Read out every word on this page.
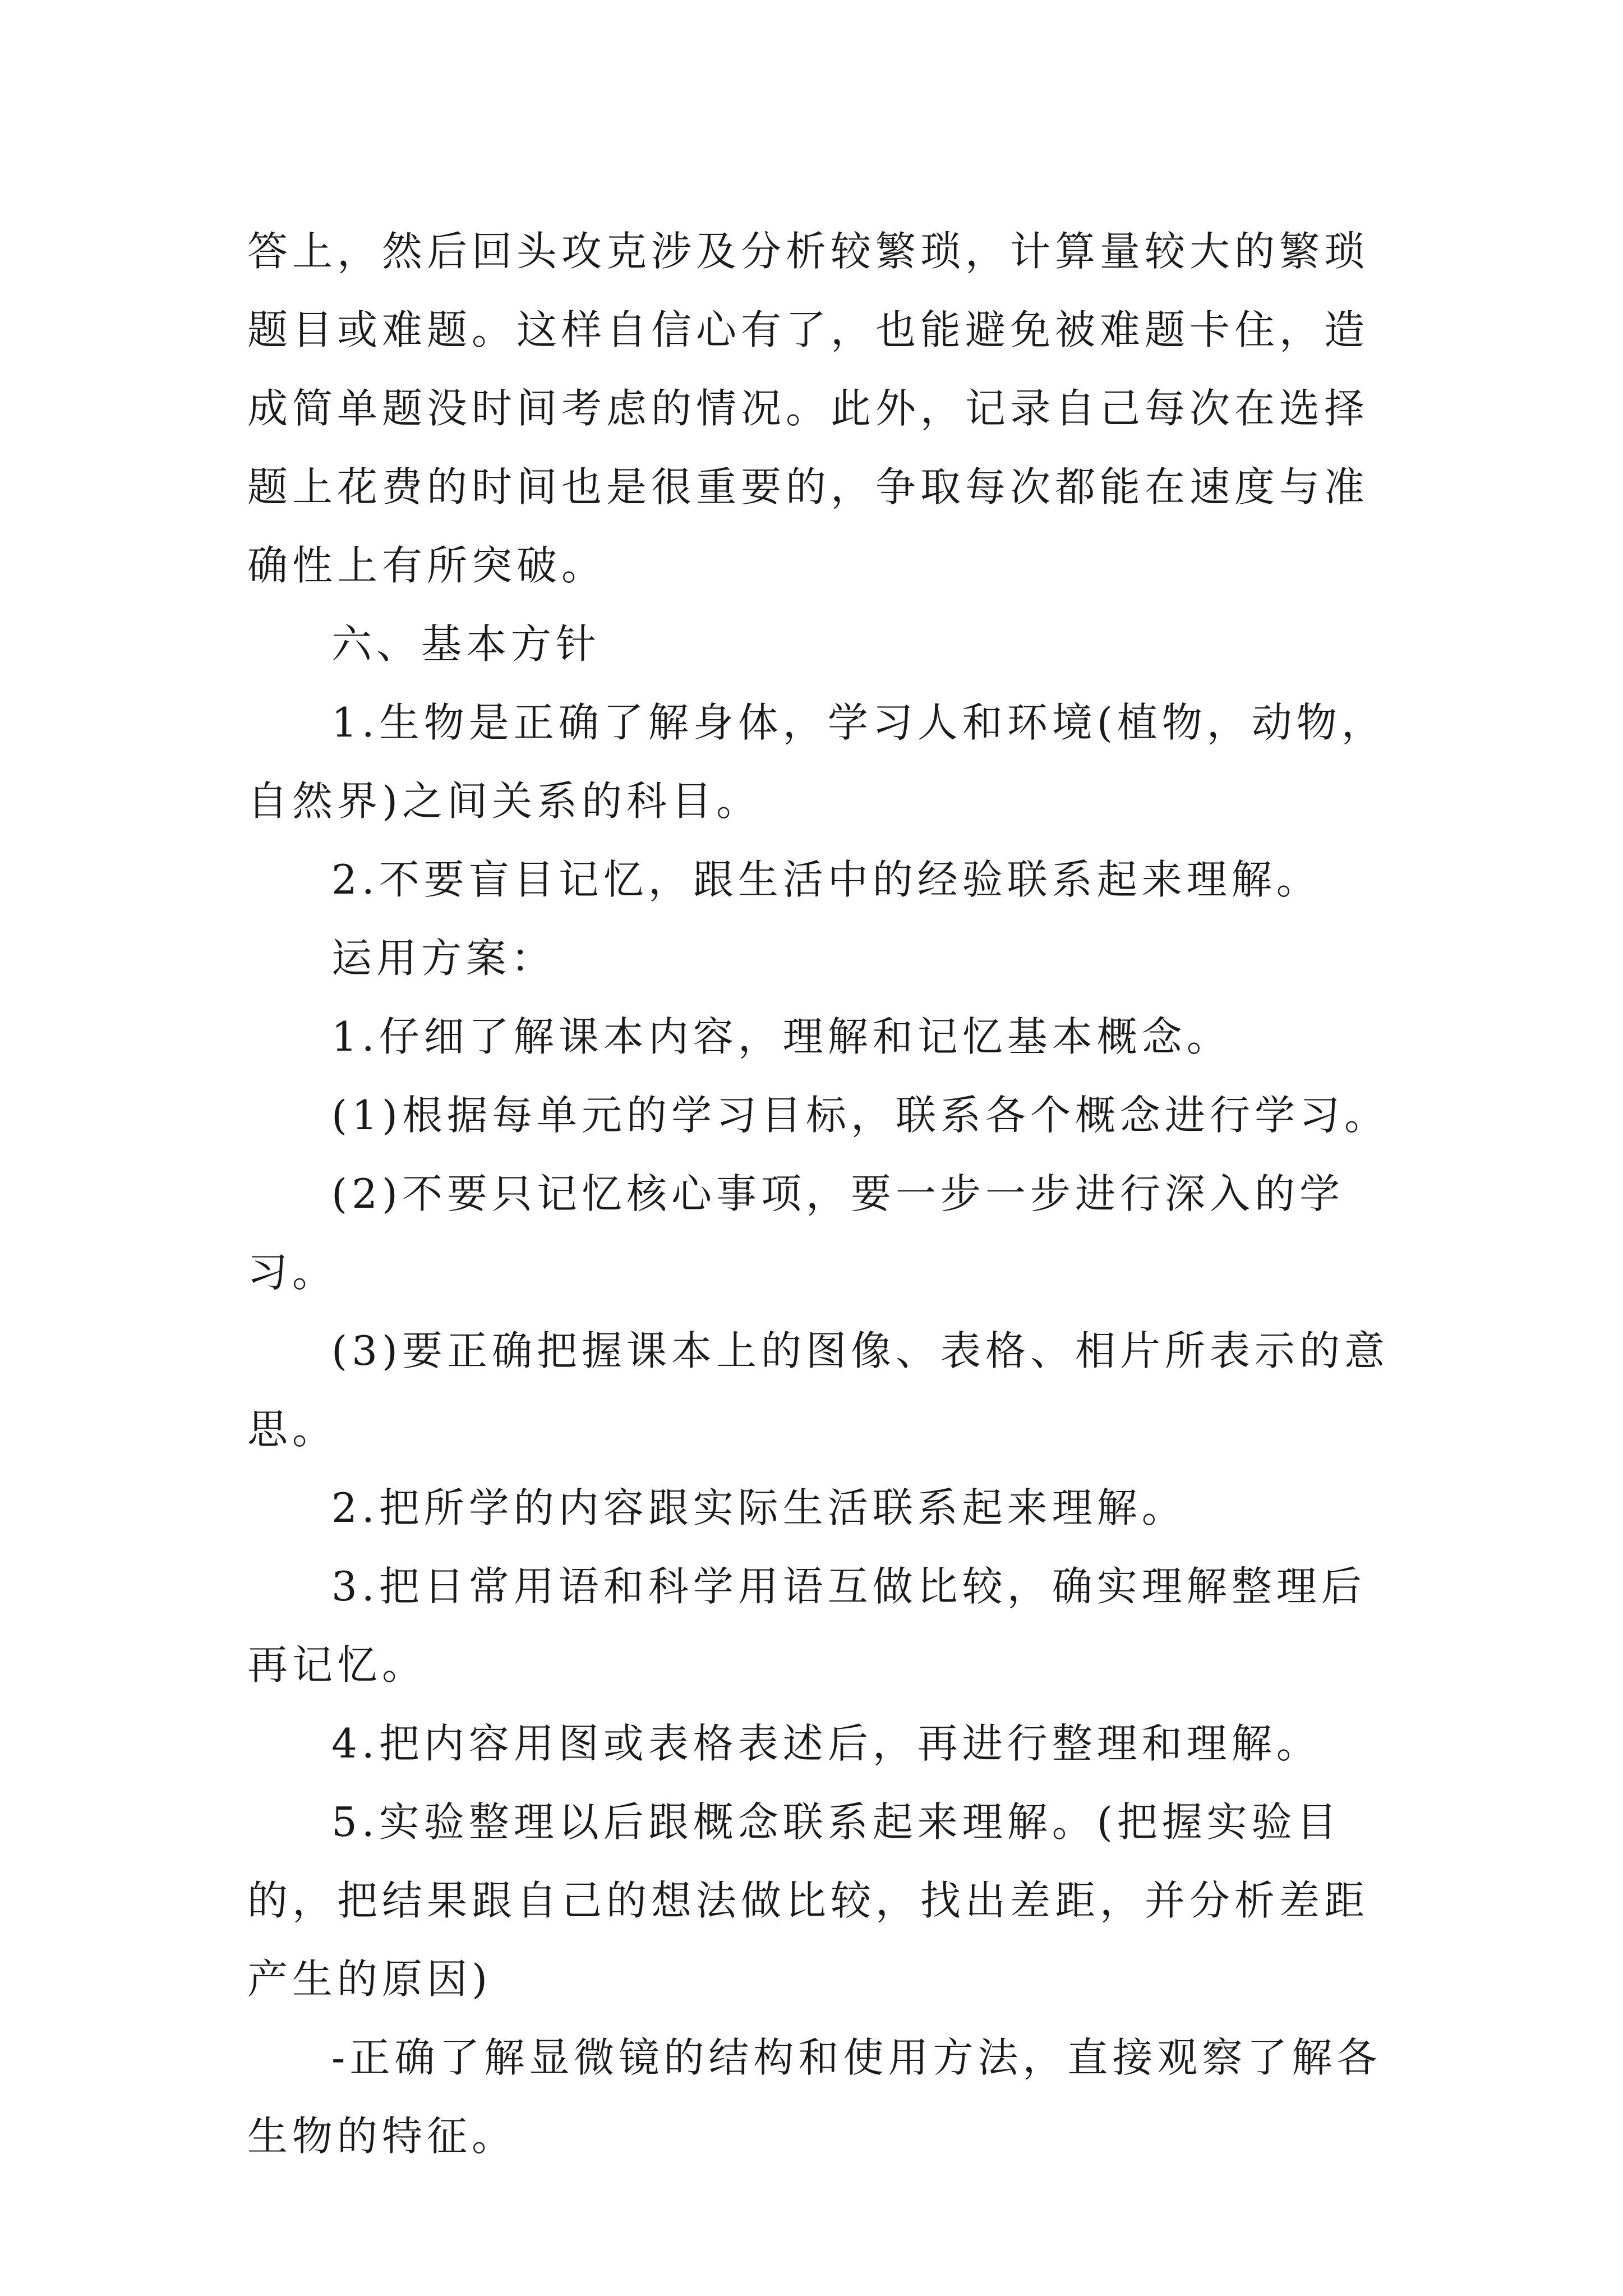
答上，然后回头攻克涉及分析较繁琐，计算量较大的繁琐题目或难题。这样自信心有了，也能避免被难题卡住，造成简单题没时间考虑的情况。此外，记录自己每次在选择题上花费的时间也是很重要的，争取每次都能在速度与准确性上有所突破。

六、基本方针

1.生物是正确了解身体，学习人和环境(植物，动物，自然界)之间关系的科目。

2.不要盲目记忆，跟生活中的经验联系起来理解。

运用方案：

1.仔细了解课本内容，理解和记忆基本概念。

(1)根据每单元的学习目标，联系各个概念进行学习。

(2)不要只记忆核心事项，要一步一步进行深入的学习。

(3)要正确把握课本上的图像、表格、相片所表示的意思。

2.把所学的内容跟实际生活联系起来理解。

3.把日常用语和科学用语互做比较，确实理解整理后再记忆。

4.把内容用图或表格表述后，再进行整理和理解。

5.实验整理以后跟概念联系起来理解。(把握实验目的，把结果跟自己的想法做比较，找出差距，并分析差距产生的原因)

-正确了解显微镜的结构和使用方法，直接观察了解各生物的特征。
